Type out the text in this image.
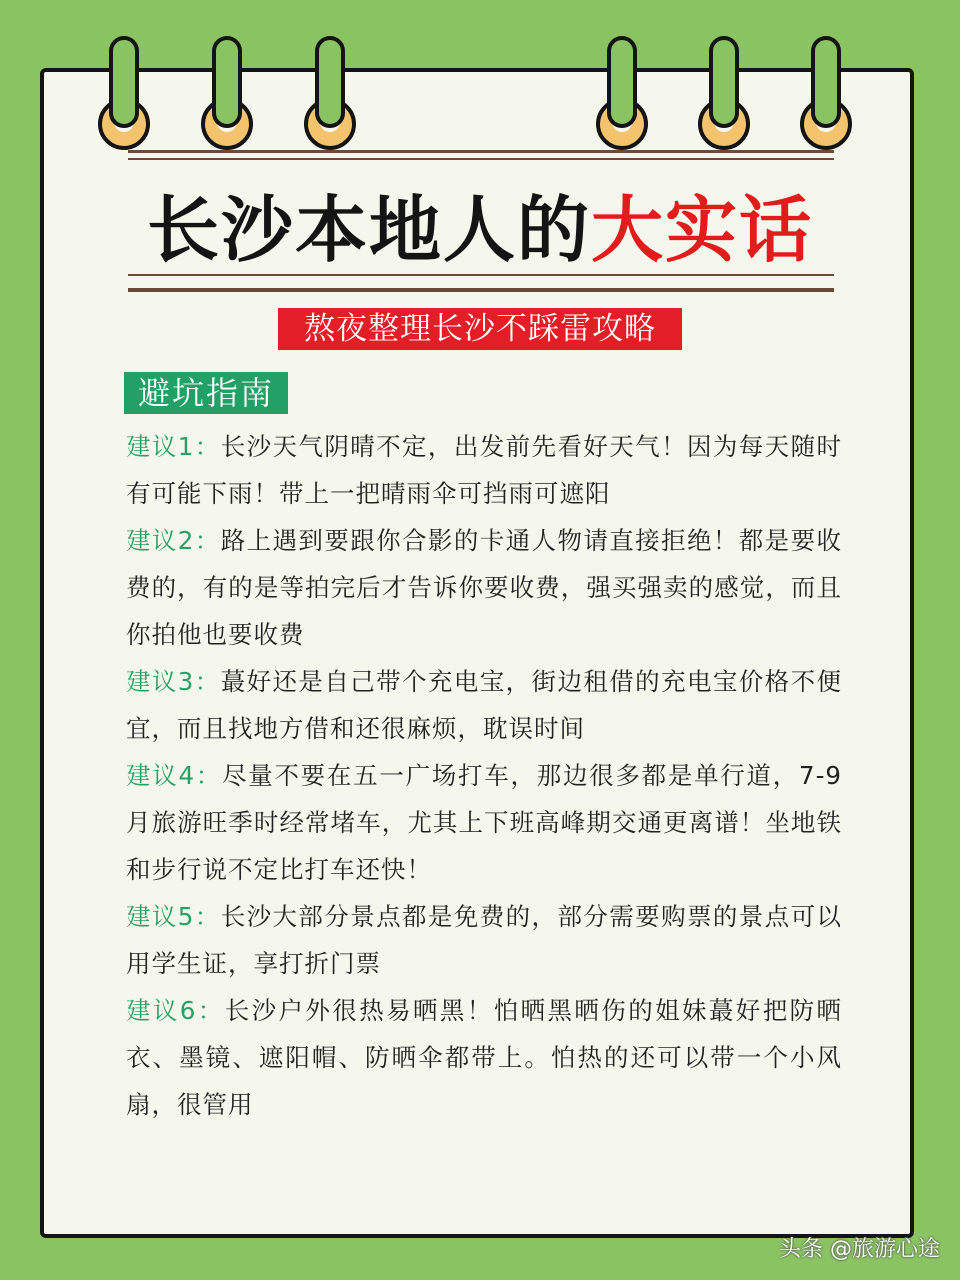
长沙本地人的大实话
熬夜整理长沙不踩雷攻略
避坑指南

建议1：长沙天气阴晴不定，出发前先看好天气！因为每天随时有可能下雨！带上一把晴雨伞可挡雨可遮阳

建议2：路上遇到要跟你合影的卡通人物请直接拒绝！都是要收费的，有的是等拍完后才告诉你要收费，强买强卖的感觉，而且你拍他也要收费

建议3：蕞好还是自己带个充电宝，街边租借的充电宝价格不便宜，而且找地方借和还很麻烦，耽误时间

建议4：尽量不要在五一广场打车，那边很多都是单行道，7-9月旅游旺季时经常堵车，尤其上下班高峰期交通更离谱！坐地铁和步行说不定比打车还快！

建议5：长沙大部分景点都是免费的，部分需要购票的景点可以用学生证，享打折门票

建议6：长沙户外很热易晒黑！怕晒黑晒伤的姐妹蕞好把防晒衣、墨镜、遮阳帽、防晒伞都带上。怕热的还可以带一个小风扇，很管用

头条 @旅游心途
